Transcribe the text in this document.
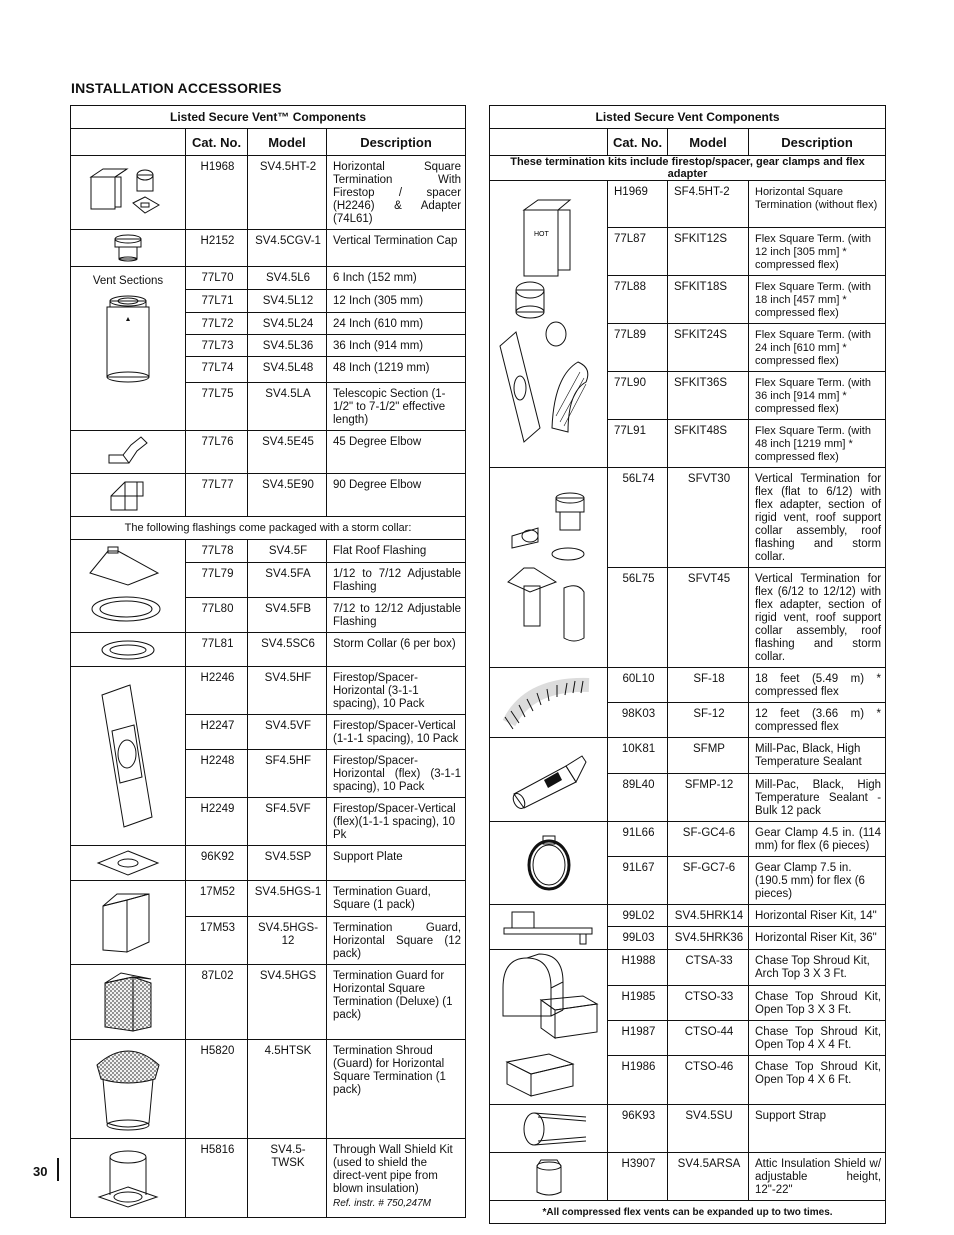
INSTALLATION ACCESSORIES
Listed Secure Vent™ Components			
	Cat. No.	Model	Description

	H1968	SV4.5HT-2	Horizontal Square Termination With Firestop / spacer (H2246) & Adapter (74L61)

	H2152	SV4.5CGV-1	Vertical Termination Cap

Vent Sections	77L70	SV4.5L6	6 Inch (152 mm)
	77L71	SV4.5L12	12 Inch (305 mm)
	77L72	SV4.5L24	24 Inch (610 mm)
	77L73	SV4.5L36	36 Inch (914 mm)
	77L74	SV4.5L48	48 Inch (1219 mm)
	77L75	SV4.5LA	Telescopic Section (1-1/2" to 7-1/2" effective length)

	77L76	SV4.5E45	45 Degree Elbow

	77L77	SV4.5E90	90 Degree Elbow
The following flashings come packaged with a storm collar:			

	77L78	SV4.5F	Flat Roof Flashing
	77L79	SV4.5FA	1/12 to 7/12 Adjustable Flashing
	77L80	SV4.5FB	7/12 to 12/12 Adjustable Flashing

	77L81	SV4.5SC6	Storm Collar (6 per box)

	H2246	SV4.5HF	Firestop/Spacer-Horizontal (3-1-1 spacing), 10 Pack
	H2247	SV4.5VF	Firestop/Spacer-Vertical (1-1-1 spacing), 10 Pack
	H2248	SF4.5HF	Firestop/Spacer-Horizontal (flex) (3-1-1 spacing), 10 Pack
	H2249	SF4.5VF	Firestop/Spacer-Vertical (flex)(1-1-1 spacing), 10 Pk

	96K92	SV4.5SP	Support Plate

	17M52	SV4.5HGS-1	Termination Guard, Square (1 pack)
	17M53	SV4.5HGS-12	Termination Guard, Horizontal Square (12 pack)

	87L02	SV4.5HGS	Termination Guard for Horizontal Square Termination (Deluxe) (1 pack)

	H5820	4.5HTSK	Termination Shroud (Guard) for Horizontal Square Termination (1 pack)

	H5816	SV4.5-TWSK	Through Wall Shield Kit (used to shield the direct-vent pipe from blown insulation)
Ref. instr. # 750,247M
Listed Secure Vent Components			
	Cat. No.	Model	Description
These termination kits include firestop/spacer, gear clamps and flex adapter			

HOT	H1969	SF4.5HT-2	Horizontal Square Termination (without flex)
	77L87	SFKIT12S	Flex Square Term. (with 12 inch [305 mm] * compressed flex)
	77L88	SFKIT18S	Flex Square Term. (with 18 inch [457 mm] * compressed flex)
	77L89	SFKIT24S	Flex Square Term. (with 24 inch [610 mm] * compressed flex)
	77L90	SFKIT36S	Flex Square Term. (with 36 inch [914 mm] * compressed flex)
	77L91	SFKIT48S	Flex Square Term. (with 48 inch [1219 mm] * compressed flex)

	56L74	SFVT30	Vertical Termination for flex (flat to 6/12) with flex adapter, section of rigid vent, roof support collar assembly, roof flashing and storm collar.
	56L75	SFVT45	Vertical Termination for flex (6/12 to 12/12) with flex adapter, section of rigid vent, roof support collar assembly, roof flashing and storm collar.

	60L10	SF-18	18 feet (5.49 m) * compressed flex
	98K03	SF-12	12 feet (3.66 m) * compressed flex

	10K81	SFMP	Mill-Pac, Black, High Temperature Sealant
	89L40	SFMP-12	Mill-Pac, Black, High Temperature Sealant - Bulk 12 pack

	91L66	SF-GC4-6	Gear Clamp 4.5 in. (114 mm) for flex (6 pieces)
	91L67	SF-GC7-6	Gear Clamp 7.5 in. (190.5 mm) for flex (6 pieces)

	99L02	SV4.5HRK14	Horizontal Riser Kit, 14"
	99L03	SV4.5HRK36	Horizontal Riser Kit, 36"

	H1988	CTSA-33	Chase Top Shroud Kit, Arch Top 3 X 3 Ft.
	H1985	CTSO-33	Chase Top Shroud Kit, Open Top 3 X 3 Ft.
	H1987	CTSO-44	Chase Top Shroud Kit, Open Top 4 X 4 Ft.
	H1986	CTSO-46	Chase Top Shroud Kit, Open Top 4 X 6 Ft.

	96K93	SV4.5SU	Support Strap

	H3907	SV4.5ARSA	Attic Insulation Shield w/ adjustable height, 12"-22"
*All compressed flex vents can be expanded up to two times.			
30
